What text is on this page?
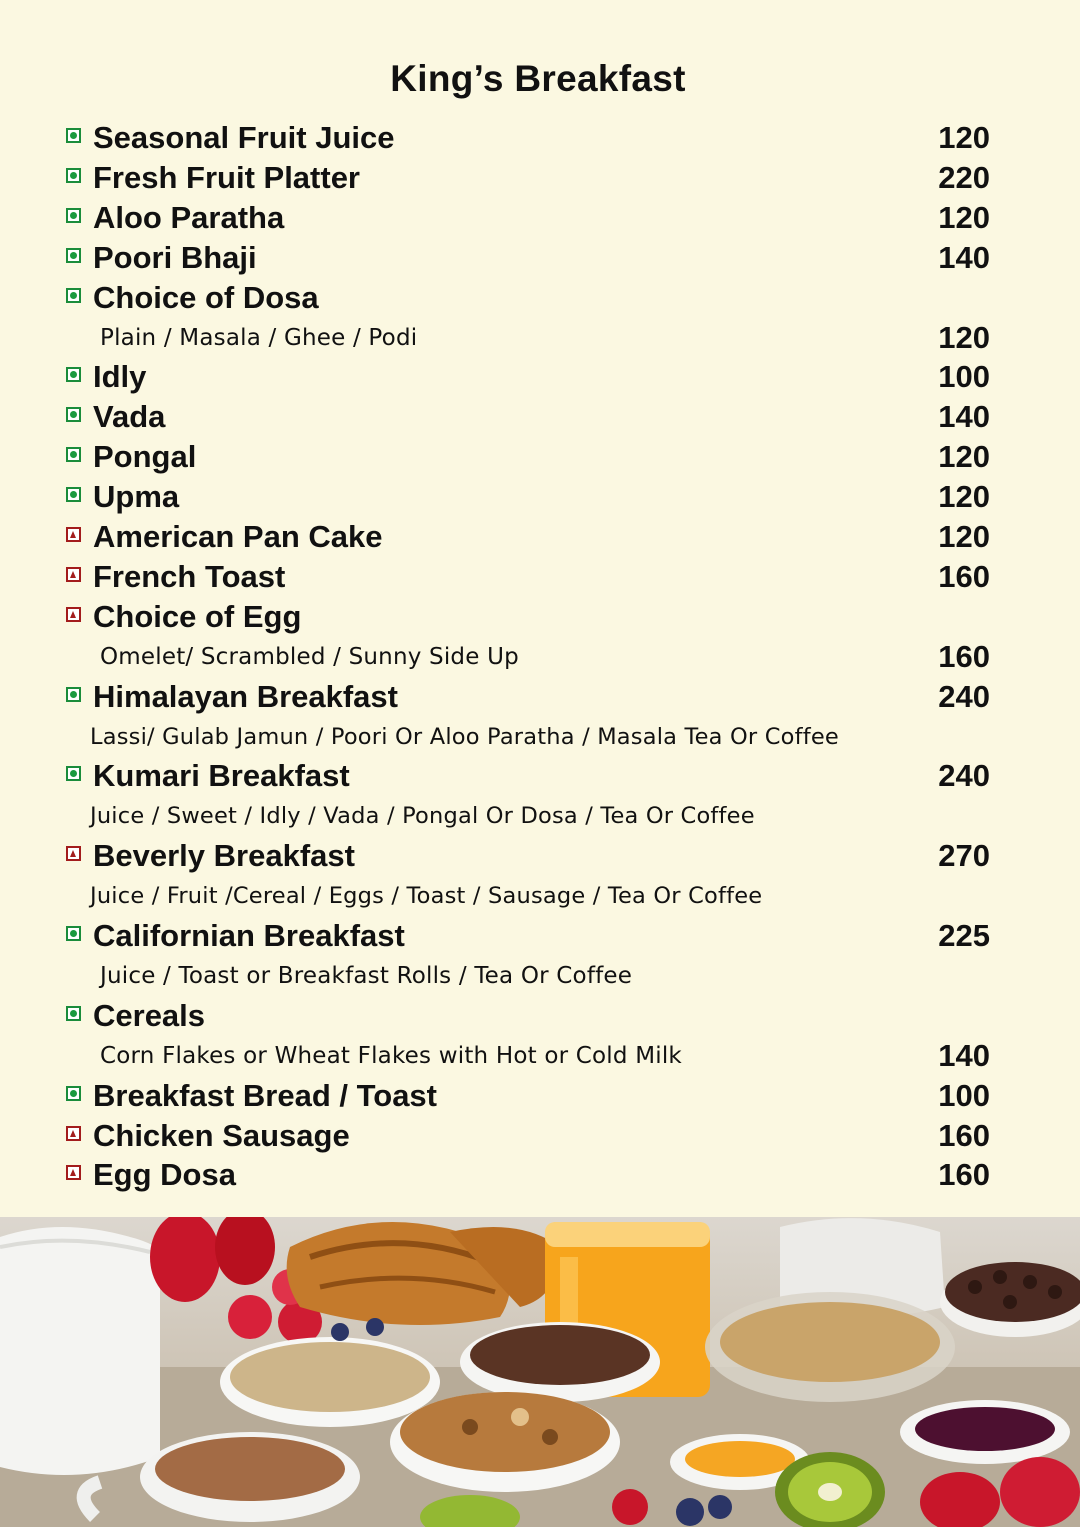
King’s Breakfast
Seasonal Fruit Juice	120
Fresh Fruit Platter	220
Aloo Paratha	120
Poori Bhaji	140
Choice of Dosa
Plain / Masala / Ghee / Podi	120
Idly	100
Vada	140
Pongal	120
Upma	120
American Pan Cake	120
French Toast	160
Choice of Egg
Omelet/ Scrambled / Sunny Side Up	160
Himalayan Breakfast	240
Lassi/ Gulab Jamun / Poori Or Aloo Paratha / Masala Tea Or Coffee
Kumari Breakfast	240
Juice / Sweet / Idly / Vada / Pongal Or Dosa / Tea Or Coffee
Beverly Breakfast	270
Juice / Fruit /Cereal / Eggs / Toast / Sausage / Tea Or Coffee
Californian Breakfast	225
Juice / Toast or Breakfast Rolls / Tea Or Coffee
Cereals
Corn Flakes or Wheat Flakes with Hot or Cold Milk	140
Breakfast Bread / Toast	100
Chicken Sausage	160
Egg Dosa	160
